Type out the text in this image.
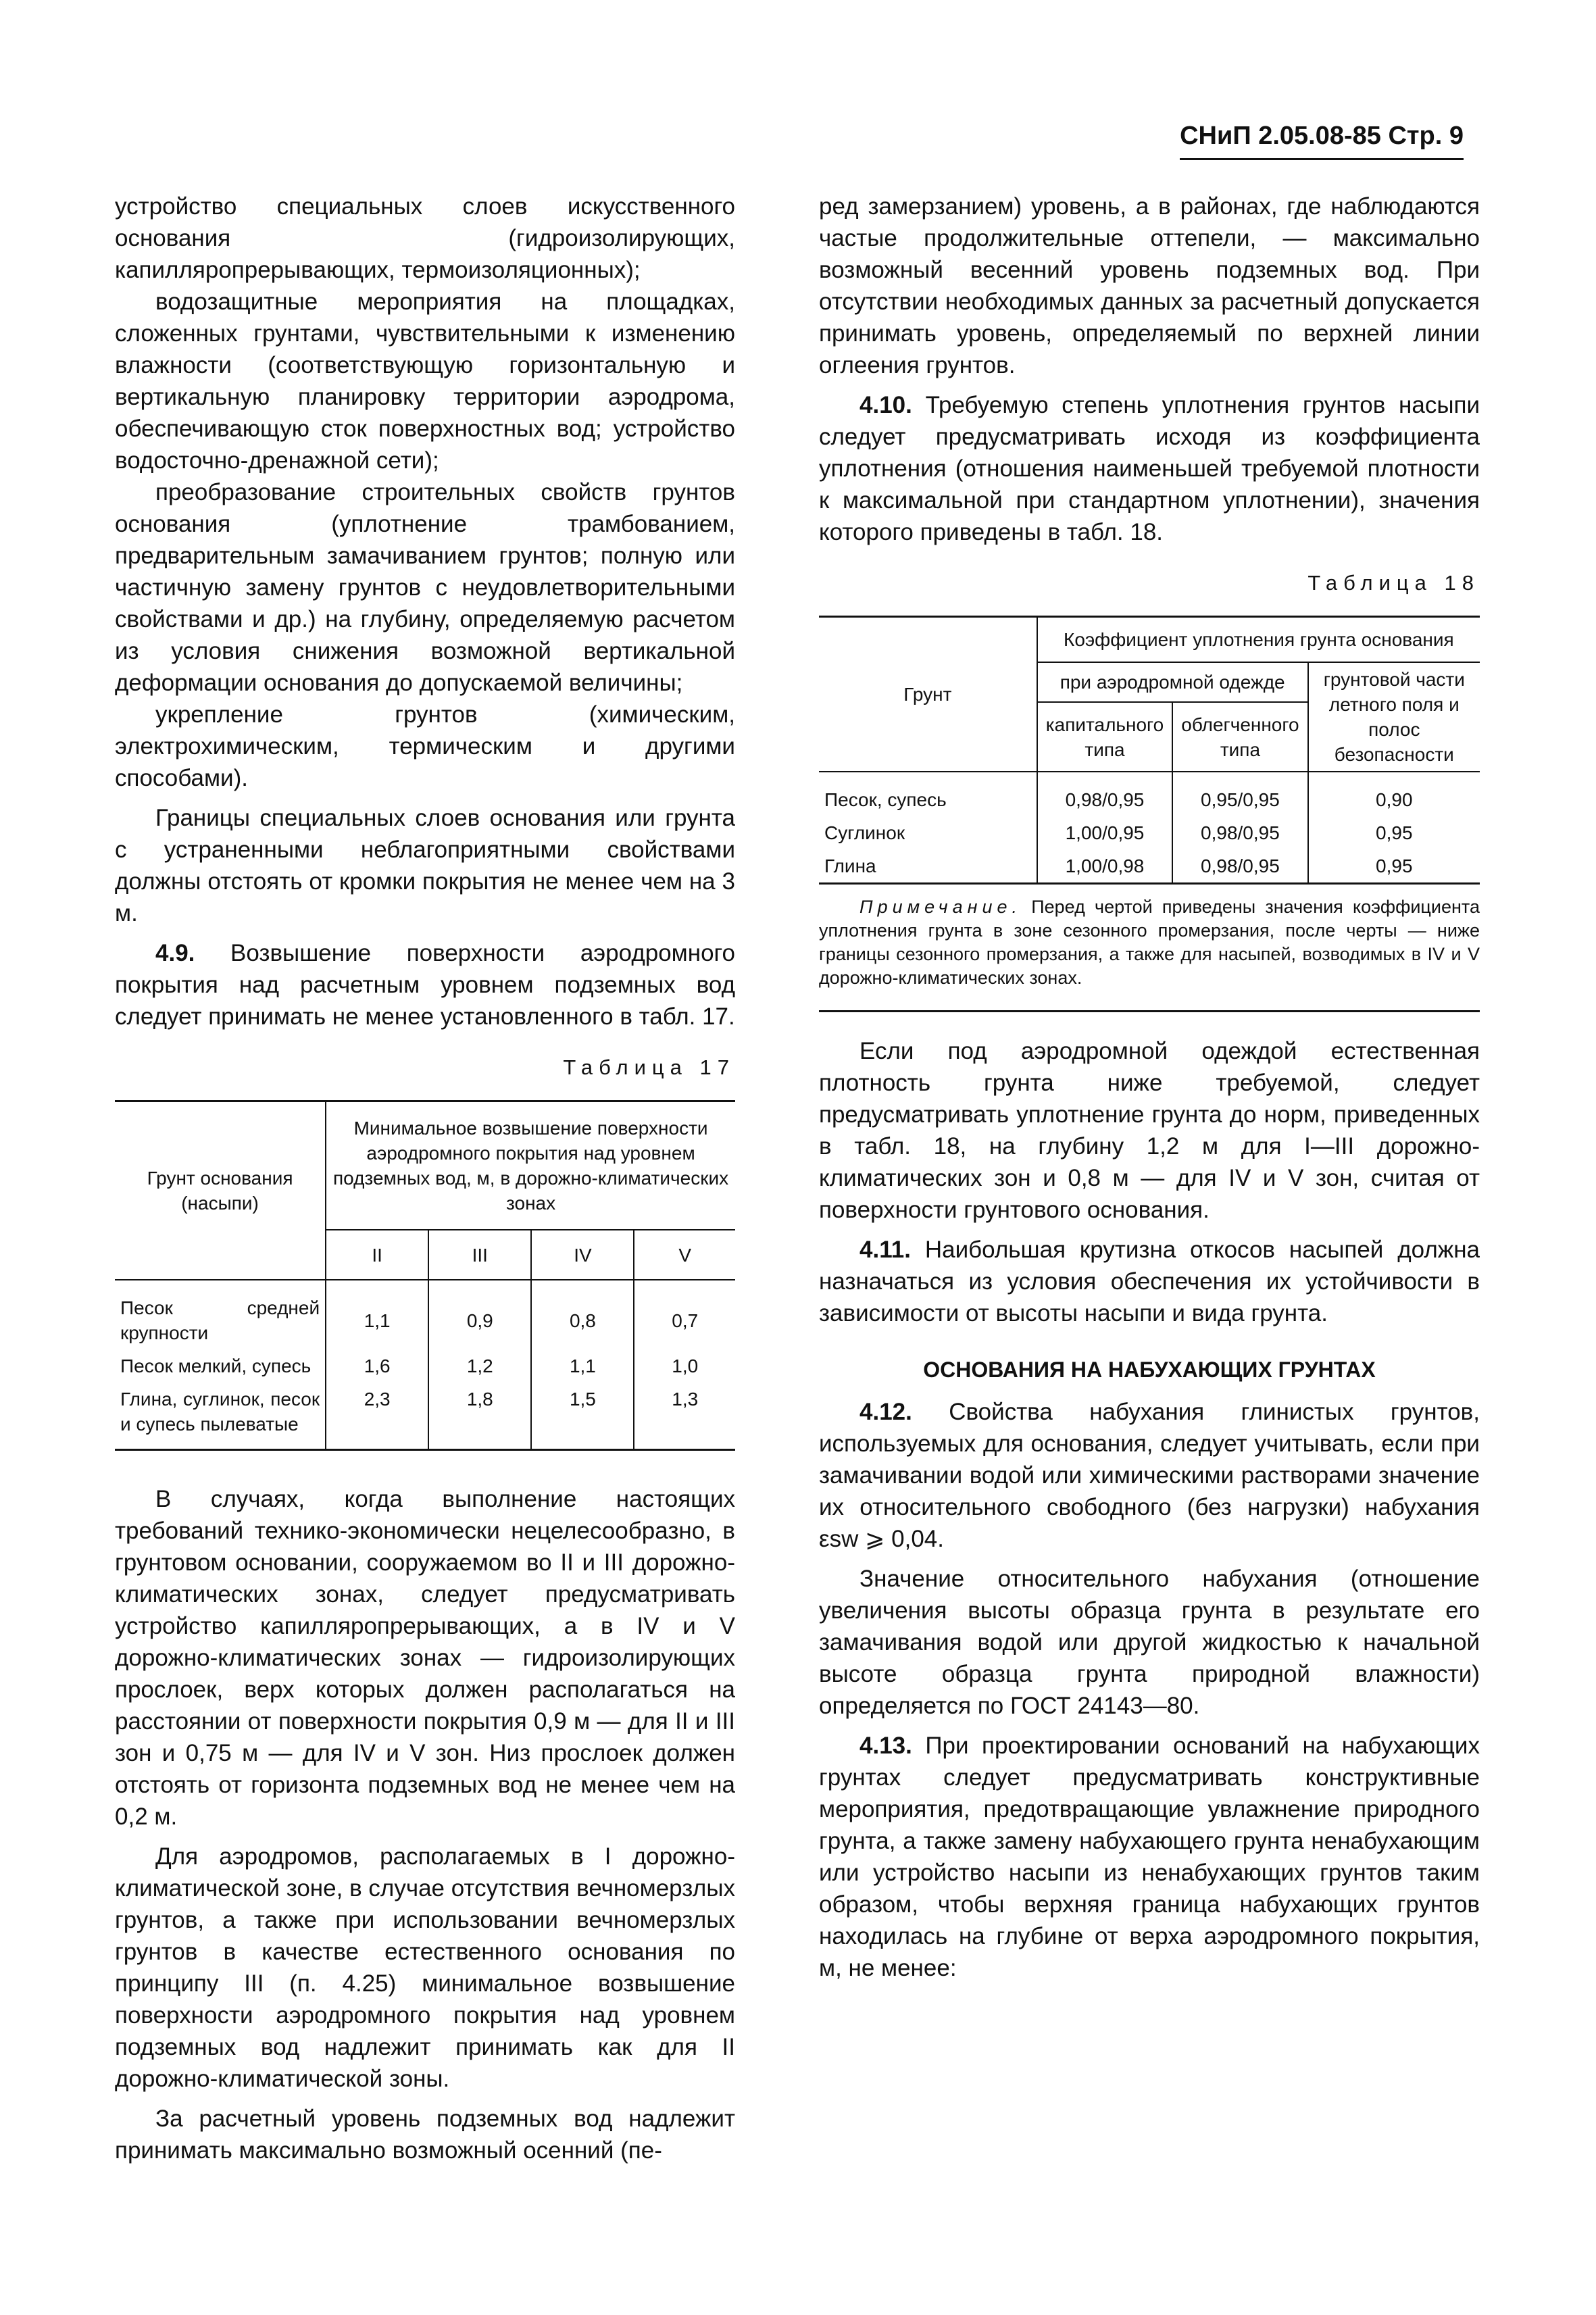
СНиП 2.05.08-85 Стр. 9

устройство специальных слоев искусственного основания (гидроизолирующих, капилляропрерывающих, термоизоляционных);

водозащитные мероприятия на площадках, сложенных грунтами, чувствительными к изменению влажности (соответствующую горизонтальную и вертикальную планировку территории аэродрома, обеспечивающую сток поверхностных вод; устройство водосточно-дренажной сети);

преобразование строительных свойств грунтов основания (уплотнение трамбованием, предварительным замачиванием грунтов; полную или частичную замену грунтов с неудовлетворительными свойствами и др.) на глубину, определяемую расчетом из условия снижения возможной вертикальной деформации основания до допускаемой величины;

укрепление грунтов (химическим, электрохимическим, термическим и другими способами).

Границы специальных слоев основания или грунта с устраненными неблагоприятными свойствами должны отстоять от кромки покрытия не менее чем на 3 м.

4.9. Возвышение поверхности аэродромного покрытия над расчетным уровнем подземных вод следует принимать не менее установленного в табл. 17.

Таблица 17
Грунт основания (насыпи)	Минимальное возвышение поверхности аэродромного покрытия над уровнем подземных вод, м, в дорожно-климатических зонах			
	II	III	IV	V
Песок средней крупности	1,1	0,9	0,8	0,7
Песок мелкий, супесь	1,6	1,2	1,1	1,0
Глина, суглинок, песок и супесь пылеватые	2,3	1,8	1,5	1,3

В случаях, когда выполнение настоящих требований технико-экономически нецелесообразно, в грунтовом основании, сооружаемом во II и III дорожно-климатических зонах, следует предусматривать устройство капилляропрерывающих, а в IV и V дорожно-климатических зонах — гидроизолирующих прослоек, верх которых должен располагаться на расстоянии от поверхности покрытия 0,9 м — для II и III зон и 0,75 м — для IV и V зон. Низ прослоек должен отстоять от горизонта подземных вод не менее чем на 0,2 м.

Для аэродромов, располагаемых в I дорожно-климатической зоне, в случае отсутствия вечномерзлых грунтов, а также при использовании вечномерзлых грунтов в качестве естественного основания по принципу III (п. 4.25) минимальное возвышение поверхности аэродромного покрытия над уровнем подземных вод надлежит принимать как для II дорожно-климатической зоны.

За расчетный уровень подземных вод надлежит принимать максимально возможный осенний (пе-

ред замерзанием) уровень, а в районах, где наблюдаются частые продолжительные оттепели, — максимально возможный весенний уровень подземных вод. При отсутствии необходимых данных за расчетный допускается принимать уровень, определяемый по верхней линии оглеения грунтов.

4.10. Требуемую степень уплотнения грунтов насыпи следует предусматривать исходя из коэффициента уплотнения (отношения наименьшей требуемой плотности к максимальной при стандартном уплотнении), значения которого приведены в табл. 18.

Таблица 18
Грунт	Коэффициент уплотнения грунта основания		
	при аэродромной одежде		грунтовой части летного поля и полос безопасности
	капитального типа	облегченного типа	
Песок, супесь	0,98/0,95	0,95/0,95	0,90
Суглинок	1,00/0,95	0,98/0,95	0,95
Глина	1,00/0,98	0,98/0,95	0,95

Примечание. Перед чертой приведены значения коэффициента уплотнения грунта в зоне сезонного промерзания, после черты — ниже границы сезонного промерзания, а также для насыпей, возводимых в IV и V дорожно-климатических зонах.

Если под аэродромной одеждой естественная плотность грунта ниже требуемой, следует предусматривать уплотнение грунта до норм, приведенных в табл. 18, на глубину 1,2 м для I—III дорожно-климатических зон и 0,8 м — для IV и V зон, считая от поверхности грунтового основания.

4.11. Наибольшая крутизна откосов насыпей должна назначаться из условия обеспечения их устойчивости в зависимости от высоты насыпи и вида грунта.

ОСНОВАНИЯ НА НАБУХАЮЩИХ ГРУНТАХ

4.12. Свойства набухания глинистых грунтов, используемых для основания, следует учитывать, если при замачивании водой или химическими растворами значение их относительного свободного (без нагрузки) набухания εsw ⩾ 0,04.

Значение относительного набухания (отношение увеличения высоты образца грунта в результате его замачивания водой или другой жидкостью к начальной высоте образца грунта природной влажности) определяется по ГОСТ 24143—80.

4.13. При проектировании оснований на набухающих грунтах следует предусматривать конструктивные мероприятия, предотвращающие увлажнение природного грунта, а также замену набухающего грунта ненабухающим или устройство насыпи из ненабухающих грунтов таким образом, чтобы верхняя граница набухающих грунтов находилась на глубине от верха аэродромного покрытия, м, не менее:
